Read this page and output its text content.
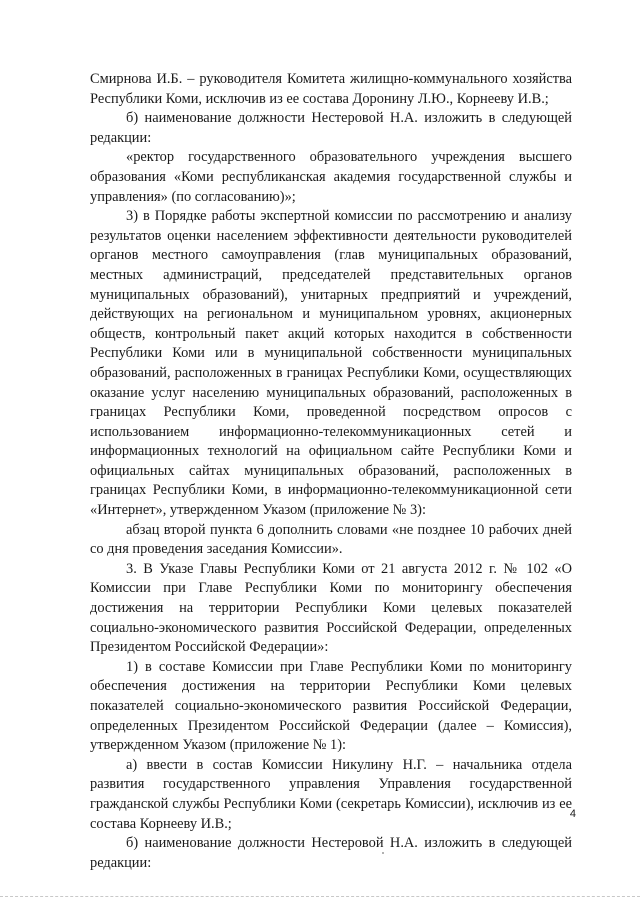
Смирнова И.Б. – руководителя Комитета жилищно-коммунального хозяйства Республики Коми, исключив из ее состава Доронину Л.Ю., Корнееву И.В.;

б) наименование должности Нестеровой Н.А. изложить в следующей редакции:

«ректор государственного образовательного учреждения высшего образования «Коми республиканская академия государственной службы и управления» (по согласованию)»;

3) в Порядке работы экспертной комиссии по рассмотрению и анализу результатов оценки населением эффективности деятельности руководителей органов местного самоуправления (глав муниципальных образований, местных администраций, председателей представительных органов муниципальных образований), унитарных предприятий и учреждений, действующих на региональном и муниципальном уровнях, акционерных обществ, контрольный пакет акций которых находится в собственности Республики Коми или в муниципальной собственности муниципальных образований, расположенных в границах Республики Коми, осуществляющих оказание услуг населению муниципальных образований, расположенных в границах Республики Коми, проведенной посредством опросов с использованием информационно-телекоммуникационных сетей и информационных технологий на официальном сайте Республики Коми и официальных сайтах муниципальных образований, расположенных в границах Республики Коми, в информационно-телекоммуникационной сети «Интернет», утвержденном Указом (приложение № 3):

абзац второй пункта 6 дополнить словами «не позднее 10 рабочих дней со дня проведения заседания Комиссии».

3. В Указе Главы Республики Коми от 21 августа 2012 г. № 102 «О Комиссии при Главе Республики Коми по мониторингу обеспечения достижения на территории Республики Коми целевых показателей социально-экономического развития Российской Федерации, определенных Президентом Российской Федерации»:

1) в составе Комиссии при Главе Республики Коми по мониторингу обеспечения достижения на территории Республики Коми целевых показателей социально-экономического развития Российской Федерации, определенных Президентом Российской Федерации (далее – Комиссия), утвержденном Указом (приложение № 1):

а) ввести в состав Комиссии Никулину Н.Г. – начальника отдела развития государственного управления Управления государственной гражданской службы Республики Коми (секретарь Комиссии), исключив из ее состава Корнееву И.В.;

б) наименование должности Нестеровой Н.А. изложить в следующей редакции:

4
